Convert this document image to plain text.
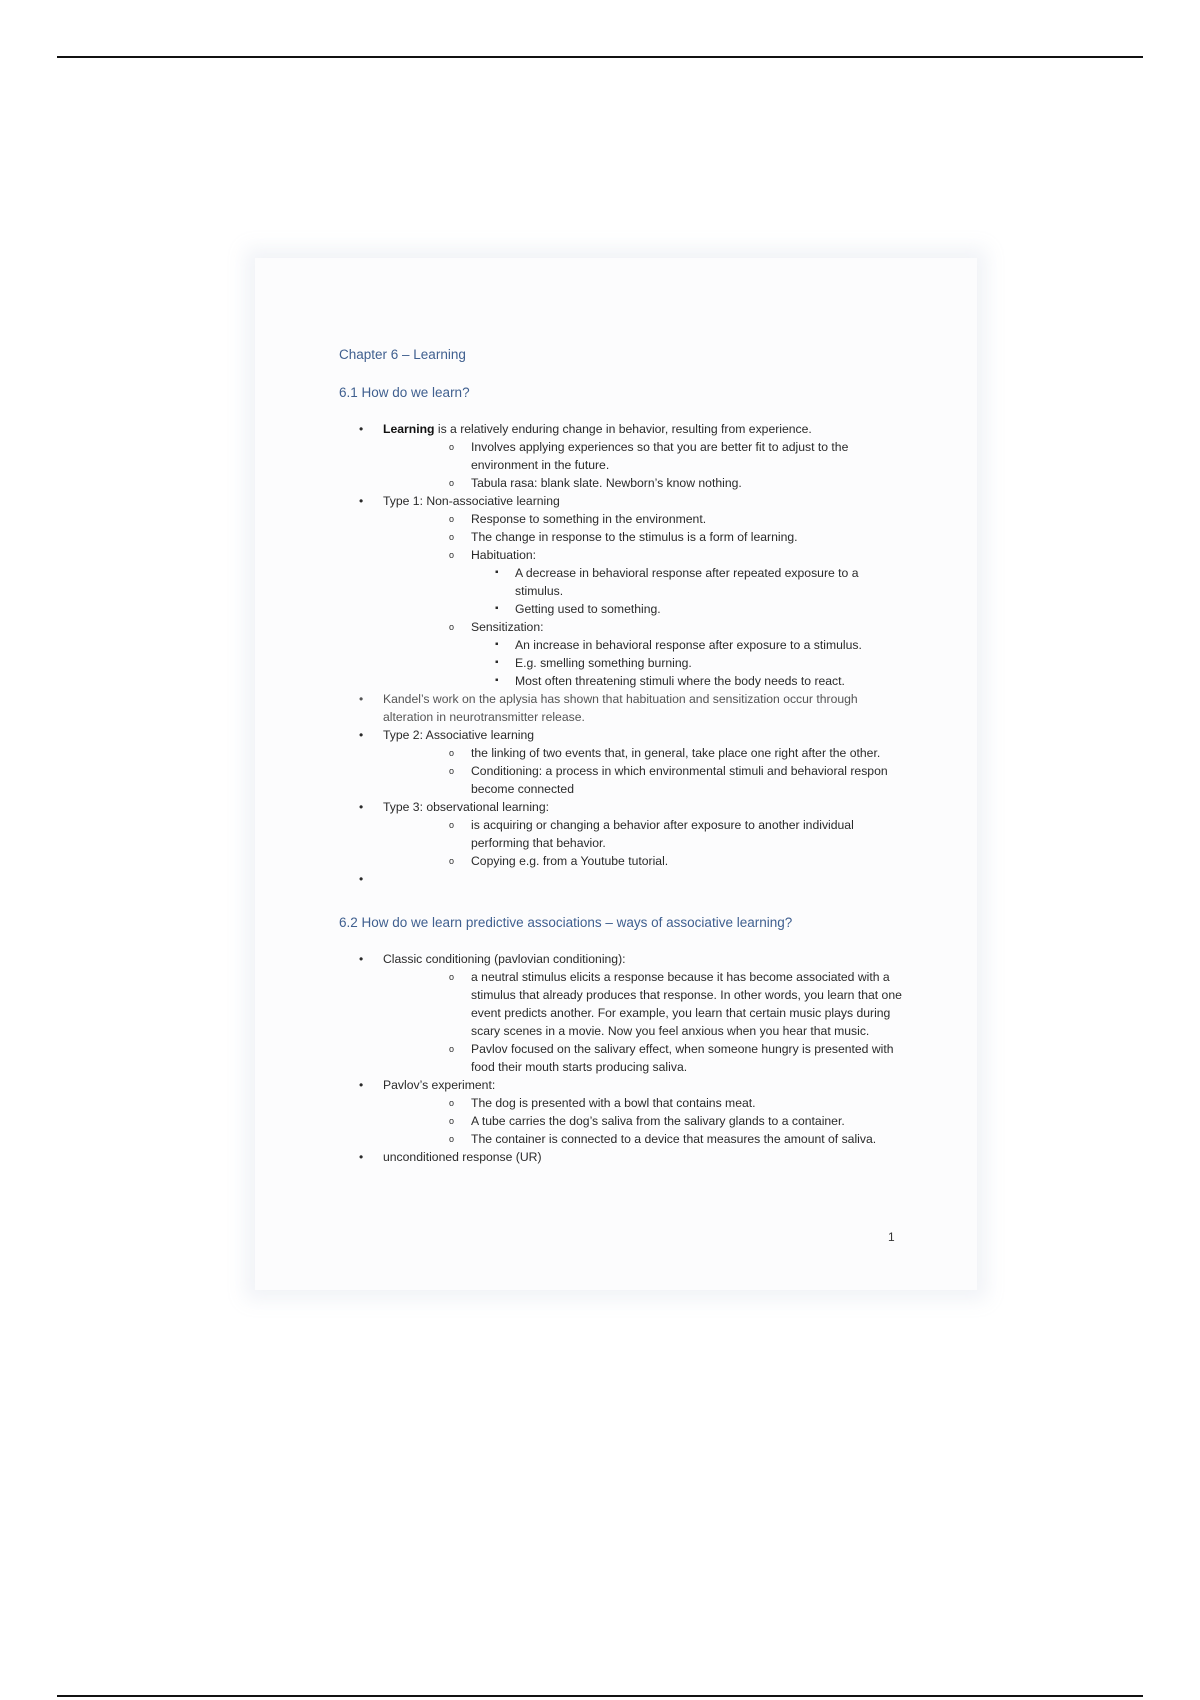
Chapter 6 – Learning

6.1 How do we learn?

• Learning is a relatively enduring change in behavior, resulting from experience.
o Involves applying experiences so that you are better fit to adjust to the environment in the future.
o Tabula rasa: blank slate. Newborn’s know nothing.
• Type 1: Non-associative learning
o Response to something in the environment.
o The change in response to the stimulus is a form of learning.
o Habituation:
▪ A decrease in behavioral response after repeated exposure to a stimulus.
▪ Getting used to something.
o Sensitization:
▪ An increase in behavioral response after exposure to a stimulus.
▪ E.g. smelling something burning.
▪ Most often threatening stimuli where the body needs to react.
• Kandel’s work on the aplysia has shown that habituation and sensitization occur through alteration in neurotransmitter release.
• Type 2: Associative learning
o the linking of two events that, in general, take place one right after the other.
o Conditioning: a process in which environmental stimuli and behavioral respon become connected
• Type 3: observational learning:
o is acquiring or changing a behavior after exposure to another individual performing that behavior.
o Copying e.g. from a Youtube tutorial.
•

6.2 How do we learn predictive associations – ways of associative learning?

• Classic conditioning (pavlovian conditioning):
o a neutral stimulus elicits a response because it has become associated with a stimulus that already produces that response. In other words, you learn that one event predicts another. For example, you learn that certain music plays during scary scenes in a movie. Now you feel anxious when you hear that music.
o Pavlov focused on the salivary effect, when someone hungry is presented with food their mouth starts producing saliva.
• Pavlov’s experiment:
o The dog is presented with a bowl that contains meat.
o A tube carries the dog’s saliva from the salivary glands to a container.
o The container is connected to a device that measures the amount of saliva.
• unconditioned response (UR)
1
